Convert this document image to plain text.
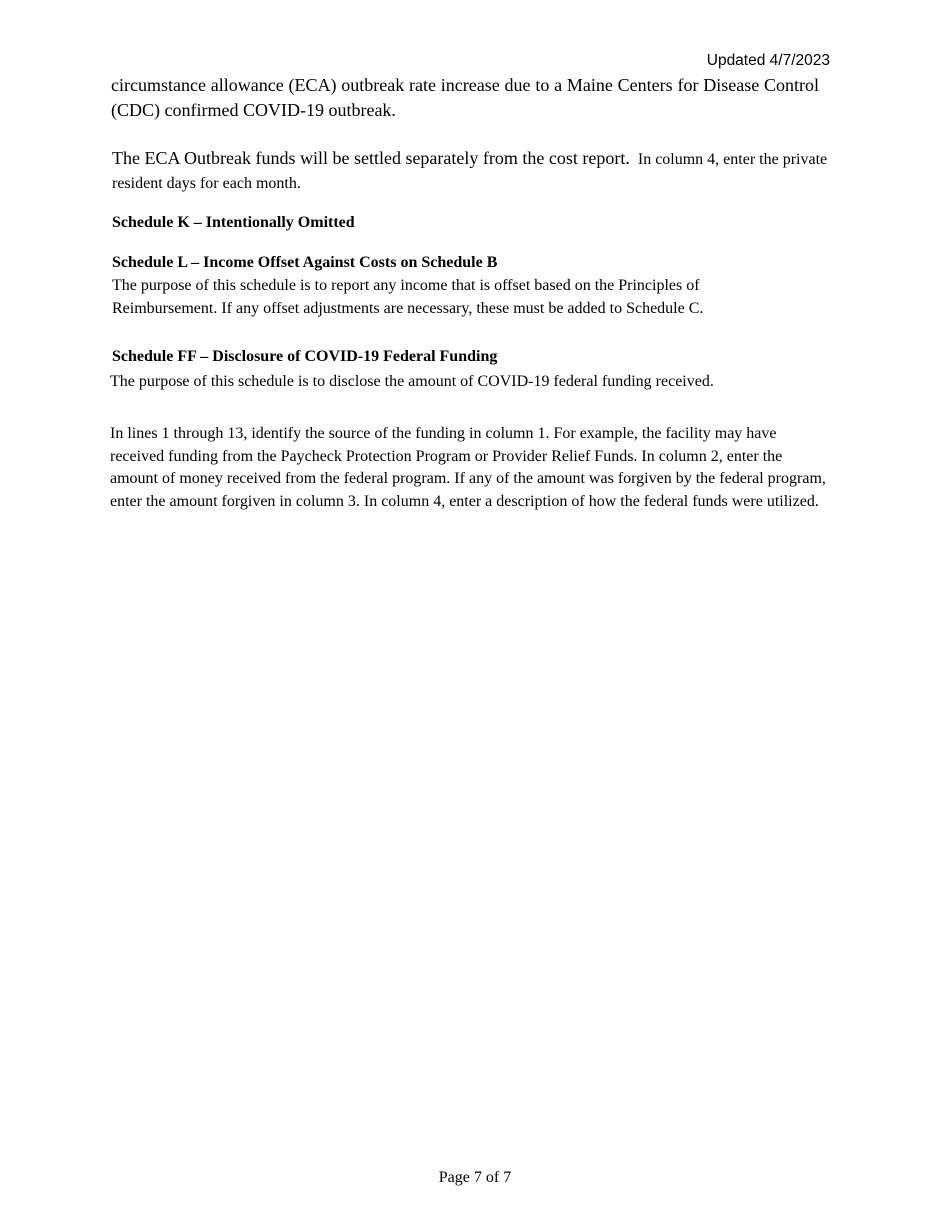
Updated 4/7/2023

circumstance allowance (ECA) outbreak rate increase due to a Maine Centers for Disease Control (CDC) confirmed COVID-19 outbreak.

The ECA Outbreak funds will be settled separately from the cost report. In column 4, enter the private resident days for each month.

Schedule K – Intentionally Omitted
Schedule L – Income Offset Against Costs on Schedule B

The purpose of this schedule is to report any income that is offset based on the Principles of Reimbursement. If any offset adjustments are necessary, these must be added to Schedule C.

Schedule FF – Disclosure of COVID-19 Federal Funding

The purpose of this schedule is to disclose the amount of COVID-19 federal funding received.

In lines 1 through 13, identify the source of the funding in column 1. For example, the facility may have received funding from the Paycheck Protection Program or Provider Relief Funds. In column 2, enter the amount of money received from the federal program. If any of the amount was forgiven by the federal program, enter the amount forgiven in column 3. In column 4, enter a description of how the federal funds were utilized.

Page 7 of 7
